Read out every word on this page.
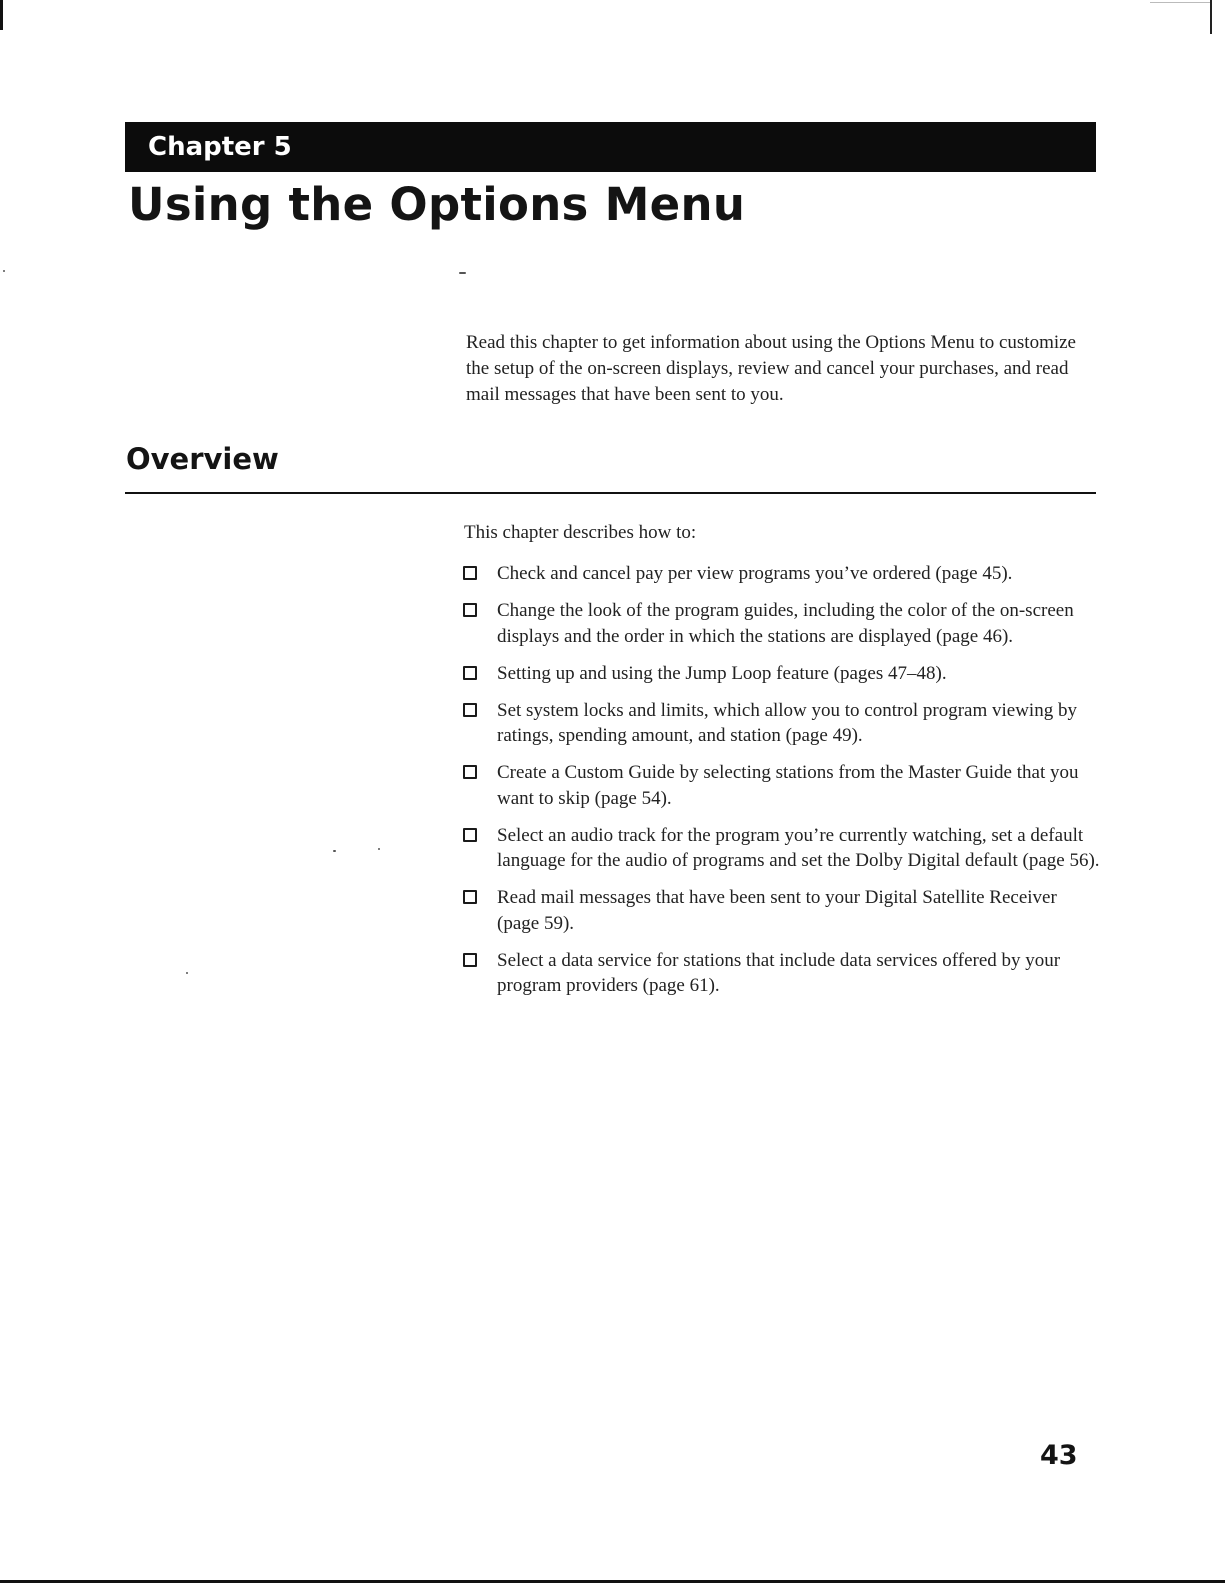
Chapter 5
Using the Options Menu

Read this chapter to get information about using the Options Menu to customize the setup of the on-screen displays, review and cancel your purchases, and read mail messages that have been sent to you.

Overview

This chapter describes how to:

Check and cancel pay per view programs you’ve ordered (page 45).
Change the look of the program guides, including the color of the on-screen displays and the order in which the stations are displayed (page 46).
Setting up and using the Jump Loop feature (pages 47–48).
Set system locks and limits, which allow you to control program viewing by ratings, spending amount, and station (page 49).
Create a Custom Guide by selecting stations from the Master Guide that you want to skip (page 54).
Select an audio track for the program you’re currently watching, set a default language for the audio of programs and set the Dolby Digital default (page 56).
Read mail messages that have been sent to your Digital Satellite Receiver (page 59).
Select a data service for stations that include data services offered by your program providers (page 61).

43
